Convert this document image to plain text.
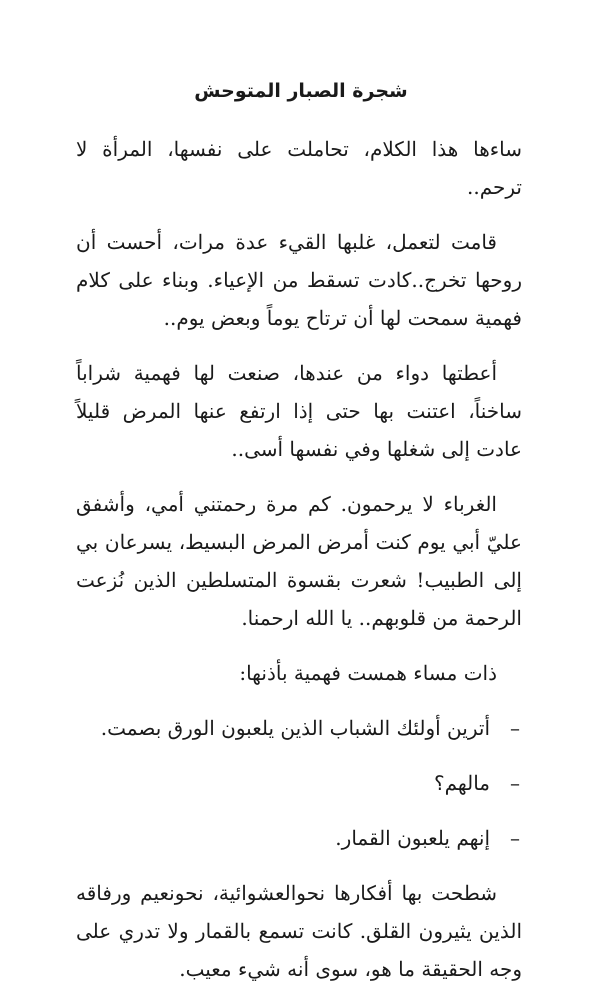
شجرة الصبار المتوحش

ساءها هذا الكلام، تحاملت على نفسها، المرأة لا ترحم..

قامت لتعمل، غلبها القيء عدة مرات، أحست أن روحها تخرج..كادت تسقط من الإعياء. وبناء على كلام فهمية سمحت لها أن ترتاح يوماً وبعض يوم..

أعطتها دواء من عندها، صنعت لها فهمية شراباً ساخناً، اعتنت بها حتى إذا ارتفع عنها المرض قليلاً عادت إلى شغلها وفي نفسها أسى..

الغرباء لا يرحمون. كم مرة رحمتني أمي، وأشفق عليّ أبي يوم كنت أمرض المرض البسيط، يسرعان بي إلى الطبيب! شعرت بقسوة المتسلطين الذين نُزعت الرحمة من قلوبهم.. يا الله ارحمنا.

ذات مساء همست فهمية بأذنها:

–
أترين أولئك الشباب الذين يلعبون الورق بصمت.
–
مالهم؟
–
إنهم يلعبون القمار.

شطحت بها أفكارها نحوالعشوائية، نحونعيم ورفاقه الذين يثيرون القلق. كانت تسمع بالقمار ولا تدري على وجه الحقيقة ما هو، سوى أنه شيء معيب.
